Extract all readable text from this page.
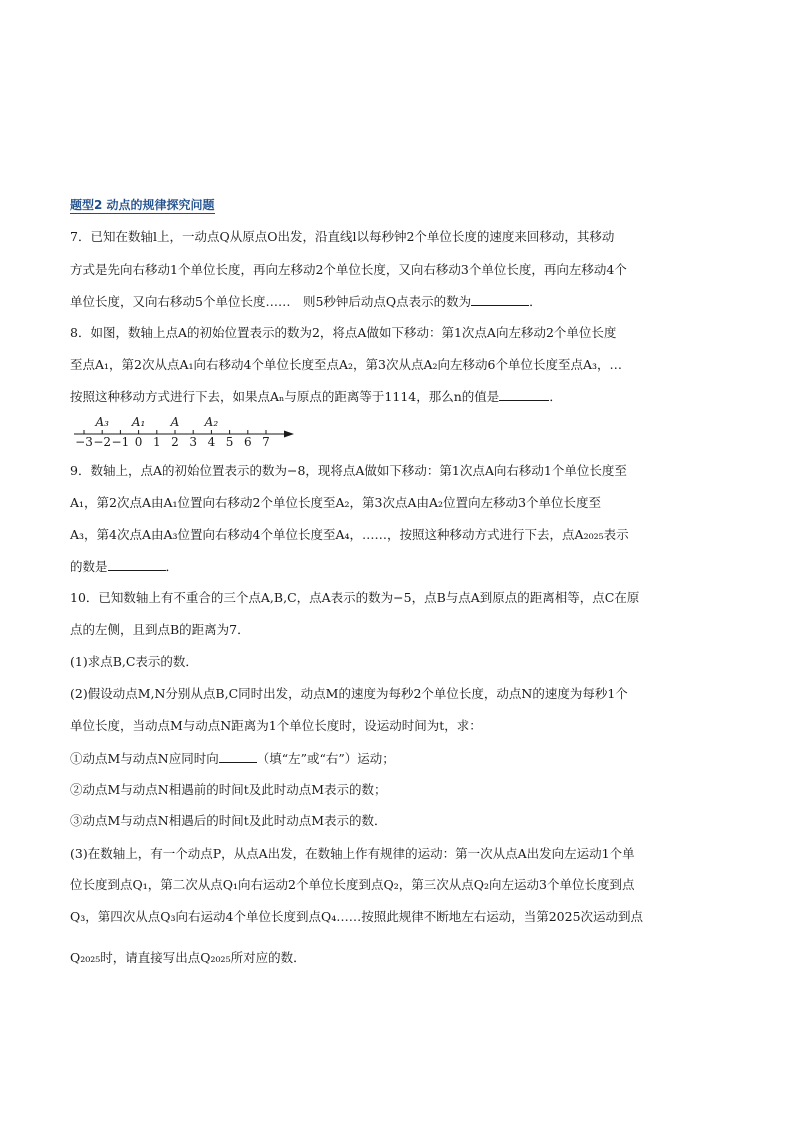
题型2 动点的规律探究问题
7．已知在数轴l上，一动点Q从原点O出发，沿直线l以每秒钟2个单位长度的速度来回移动，其移动
方式是先向右移动1个单位长度，再向左移动2个单位长度，又向右移动3个单位长度，再向左移动4个
单位长度，又向右移动5个单位长度……　则5秒钟后动点Q点表示的数为	．
8．如图，数轴上点A的初始位置表示的数为2，将点A做如下移动：第1次点A向左移动2个单位长度
至点A₁，第2次从点A₁向右移动4个单位长度至点A₂，第3次从点A₂向左移动6个单位长度至点A₃，…
按照这种移动方式进行下去，如果点Aₙ与原点的距离等于1114，那么n的值是	．
−3 −2 −1 0 1 2 3 4 5 6 7
A₃ A₁ A A₂
9．数轴上，点A的初始位置表示的数为−8，现将点A做如下移动：第1次点A向右移动1个单位长度至
A₁，第2次点A由A₁位置向右移动2个单位长度至A₂，第3次点A由A₂位置向左移动3个单位长度至
A₃，第4次点A由A₃位置向右移动4个单位长度至A₄，……，按照这种移动方式进行下去，点A₂₀₂₅表示
的数是	．
10．已知数轴上有不重合的三个点A,B,C，点A表示的数为−5，点B与点A到原点的距离相等，点C在原
点的左侧，且到点B的距离为7．
(1)求点B,C表示的数．
(2)假设动点M,N分别从点B,C同时出发，动点M的速度为每秒2个单位长度，动点N的速度为每秒1个
单位长度，当动点M与动点N距离为1个单位长度时，设运动时间为t，求：
①动点M与动点N应同时向	（填“左”或“右”）运动；
②动点M与动点N相遇前的时间t及此时动点M表示的数；
③动点M与动点N相遇后的时间t及此时动点M表示的数．
(3)在数轴上，有一个动点P，从点A出发，在数轴上作有规律的运动：第一次从点A出发向左运动1个单
位长度到点Q₁，第二次从点Q₁向右运动2个单位长度到点Q₂，第三次从点Q₂向左运动3个单位长度到点
Q₃，第四次从点Q₃向右运动4个单位长度到点Q₄……按照此规律不断地左右运动，当第2025次运动到点
Q₂₀₂₅时，请直接写出点Q₂₀₂₅所对应的数．
